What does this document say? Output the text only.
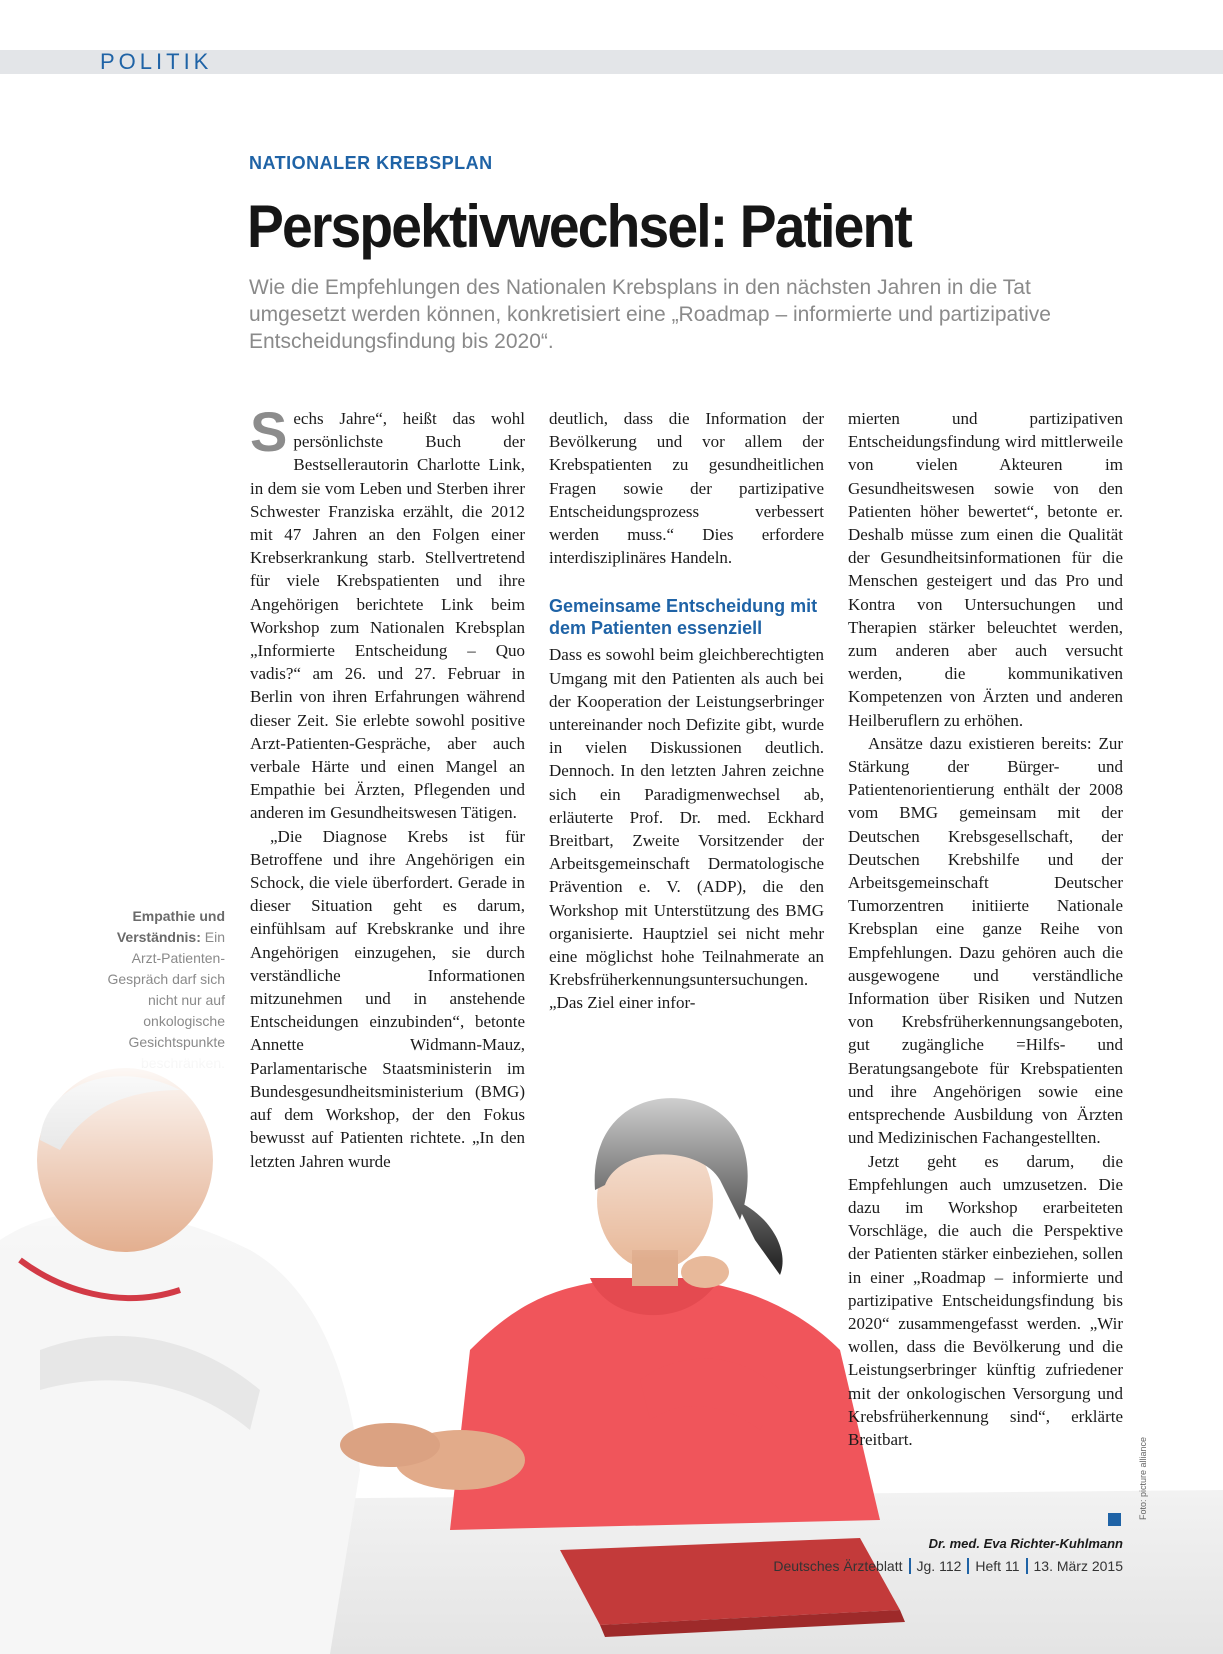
POLITIK
NATIONALER KREBSPLAN
Perspektivwechsel: Patient
Wie die Empfehlungen des Nationalen Krebsplans in den nächsten Jahren in die Tat umgesetzt werden können, konkretisiert eine „Roadmap – informierte und partizipative Entscheidungsfindung bis 2020“.
Empathie und Verständnis: Ein Arzt-Patienten-Gespräch darf sich nicht nur auf onkologische Gesichtspunkte

Sechs Jahre“, heißt das wohl persönlichste Buch der Bestsellerautorin Charlotte Link, in dem sie vom Leben und Sterben ihrer Schwester Franziska erzählt, die 2012 mit 47 Jahren an den Folgen einer Krebserkrankung starb. Stellvertretend für viele Krebspatienten und ihre Angehörigen berichtete Link beim Workshop zum Nationalen Krebsplan „Informierte Entscheidung – Quo vadis?“ am 26. und 27. Februar in Berlin von ihren Erfahrungen während dieser Zeit. Sie erlebte sowohl positive Arzt-Patienten-Gespräche, aber auch verbale Härte und einen Mangel an Empathie bei Ärzten, Pflegenden und anderen im Gesundheitswesen Tätigen.

„Die Diagnose Krebs ist für Betroffene und ihre Angehörigen ein Schock, die viele überfordert. Gerade in dieser Situation geht es darum, einfühlsam auf Krebskranke und ihre Angehörigen einzugehen, sie durch verständliche Informationen mitzunehmen und in anstehende Entscheidungen einzubinden“, betonte Annette Widmann-Mauz, Parlamentarische Staatsministerin im Bundesgesundheitsministerium (BMG) auf dem Workshop, der den Fokus bewusst auf Patienten richtete. „In den letzten Jahren wurde

deutlich, dass die Information der Bevölkerung und vor allem der Krebspatienten zu gesundheitlichen Fragen sowie der partizipative Entscheidungsprozess verbessert werden muss.“ Dies erfordere interdisziplinäres Handeln.

Gemeinsame Entscheidung mit dem Patienten essenziell

Dass es sowohl beim gleichberechtigten Umgang mit den Patienten als auch bei der Kooperation der Leistungserbringer untereinander noch Defizite gibt, wurde in vielen Diskussionen deutlich. Dennoch. In den letzten Jahren zeichne sich ein Paradigmenwechsel ab, erläuterte Prof. Dr. med. Eckhard Breitbart, Zweite Vorsitzender der Arbeitsgemeinschaft Dermatologische Prävention e. V. (ADP), die den Workshop mit Unterstützung des BMG organisierte. Hauptziel sei nicht mehr eine möglichst hohe Teilnahmerate an Krebsfrüherkennungsuntersuchungen. „Das Ziel einer infor-

mierten und partizipativen Entscheidungsfindung wird mittlerweile von vielen Akteuren im Gesundheitswesen sowie von den Patienten höher bewertet“, betonte er. Deshalb müsse zum einen die Qualität der Gesundheitsinformationen für die Menschen gesteigert und das Pro und Kontra von Untersuchungen und Therapien stärker beleuchtet werden, zum anderen aber auch versucht werden, die kommunikativen Kompetenzen von Ärzten und anderen Heilberuflern zu erhöhen.

Ansätze dazu existieren bereits: Zur Stärkung der Bürger- und Patientenorientierung enthält der 2008 vom BMG gemeinsam mit der Deutschen Krebsgesellschaft, der Deutschen Krebshilfe und der Arbeitsgemeinschaft Deutscher Tumorzentren initiierte Nationale Krebsplan eine ganze Reihe von Empfehlungen. Dazu gehören auch die ausgewogene und verständliche Information über Risiken und Nutzen von Krebsfrüherkennungsangeboten, gut zugängliche =Hilfs- und Beratungsangebote für Krebspatienten und ihre Angehörigen sowie eine entsprechende Ausbildung von Ärzten und Medizinischen Fachangestellten.

Jetzt geht es darum, die Empfehlungen auch umzusetzen. Die dazu im Workshop erarbeiteten Vorschläge, die auch die Perspektive der Patienten stärker einbeziehen, sollen in einer „Roadmap – informierte und partizipative Entscheidungsfindung bis 2020“ zusammengefasst werden. „Wir wollen, dass die Bevölkerung und die Leistungserbringer künftig zufriedener mit der onkologischen Versorgung und Krebsfrüherkennung sind“, erklärte Breitbart.

Dr. med. Eva Richter-Kuhlmann
Foto: picture alliance
Deutsches Ärzteblatt Jg. 112 Heft 11 13. März 2015
